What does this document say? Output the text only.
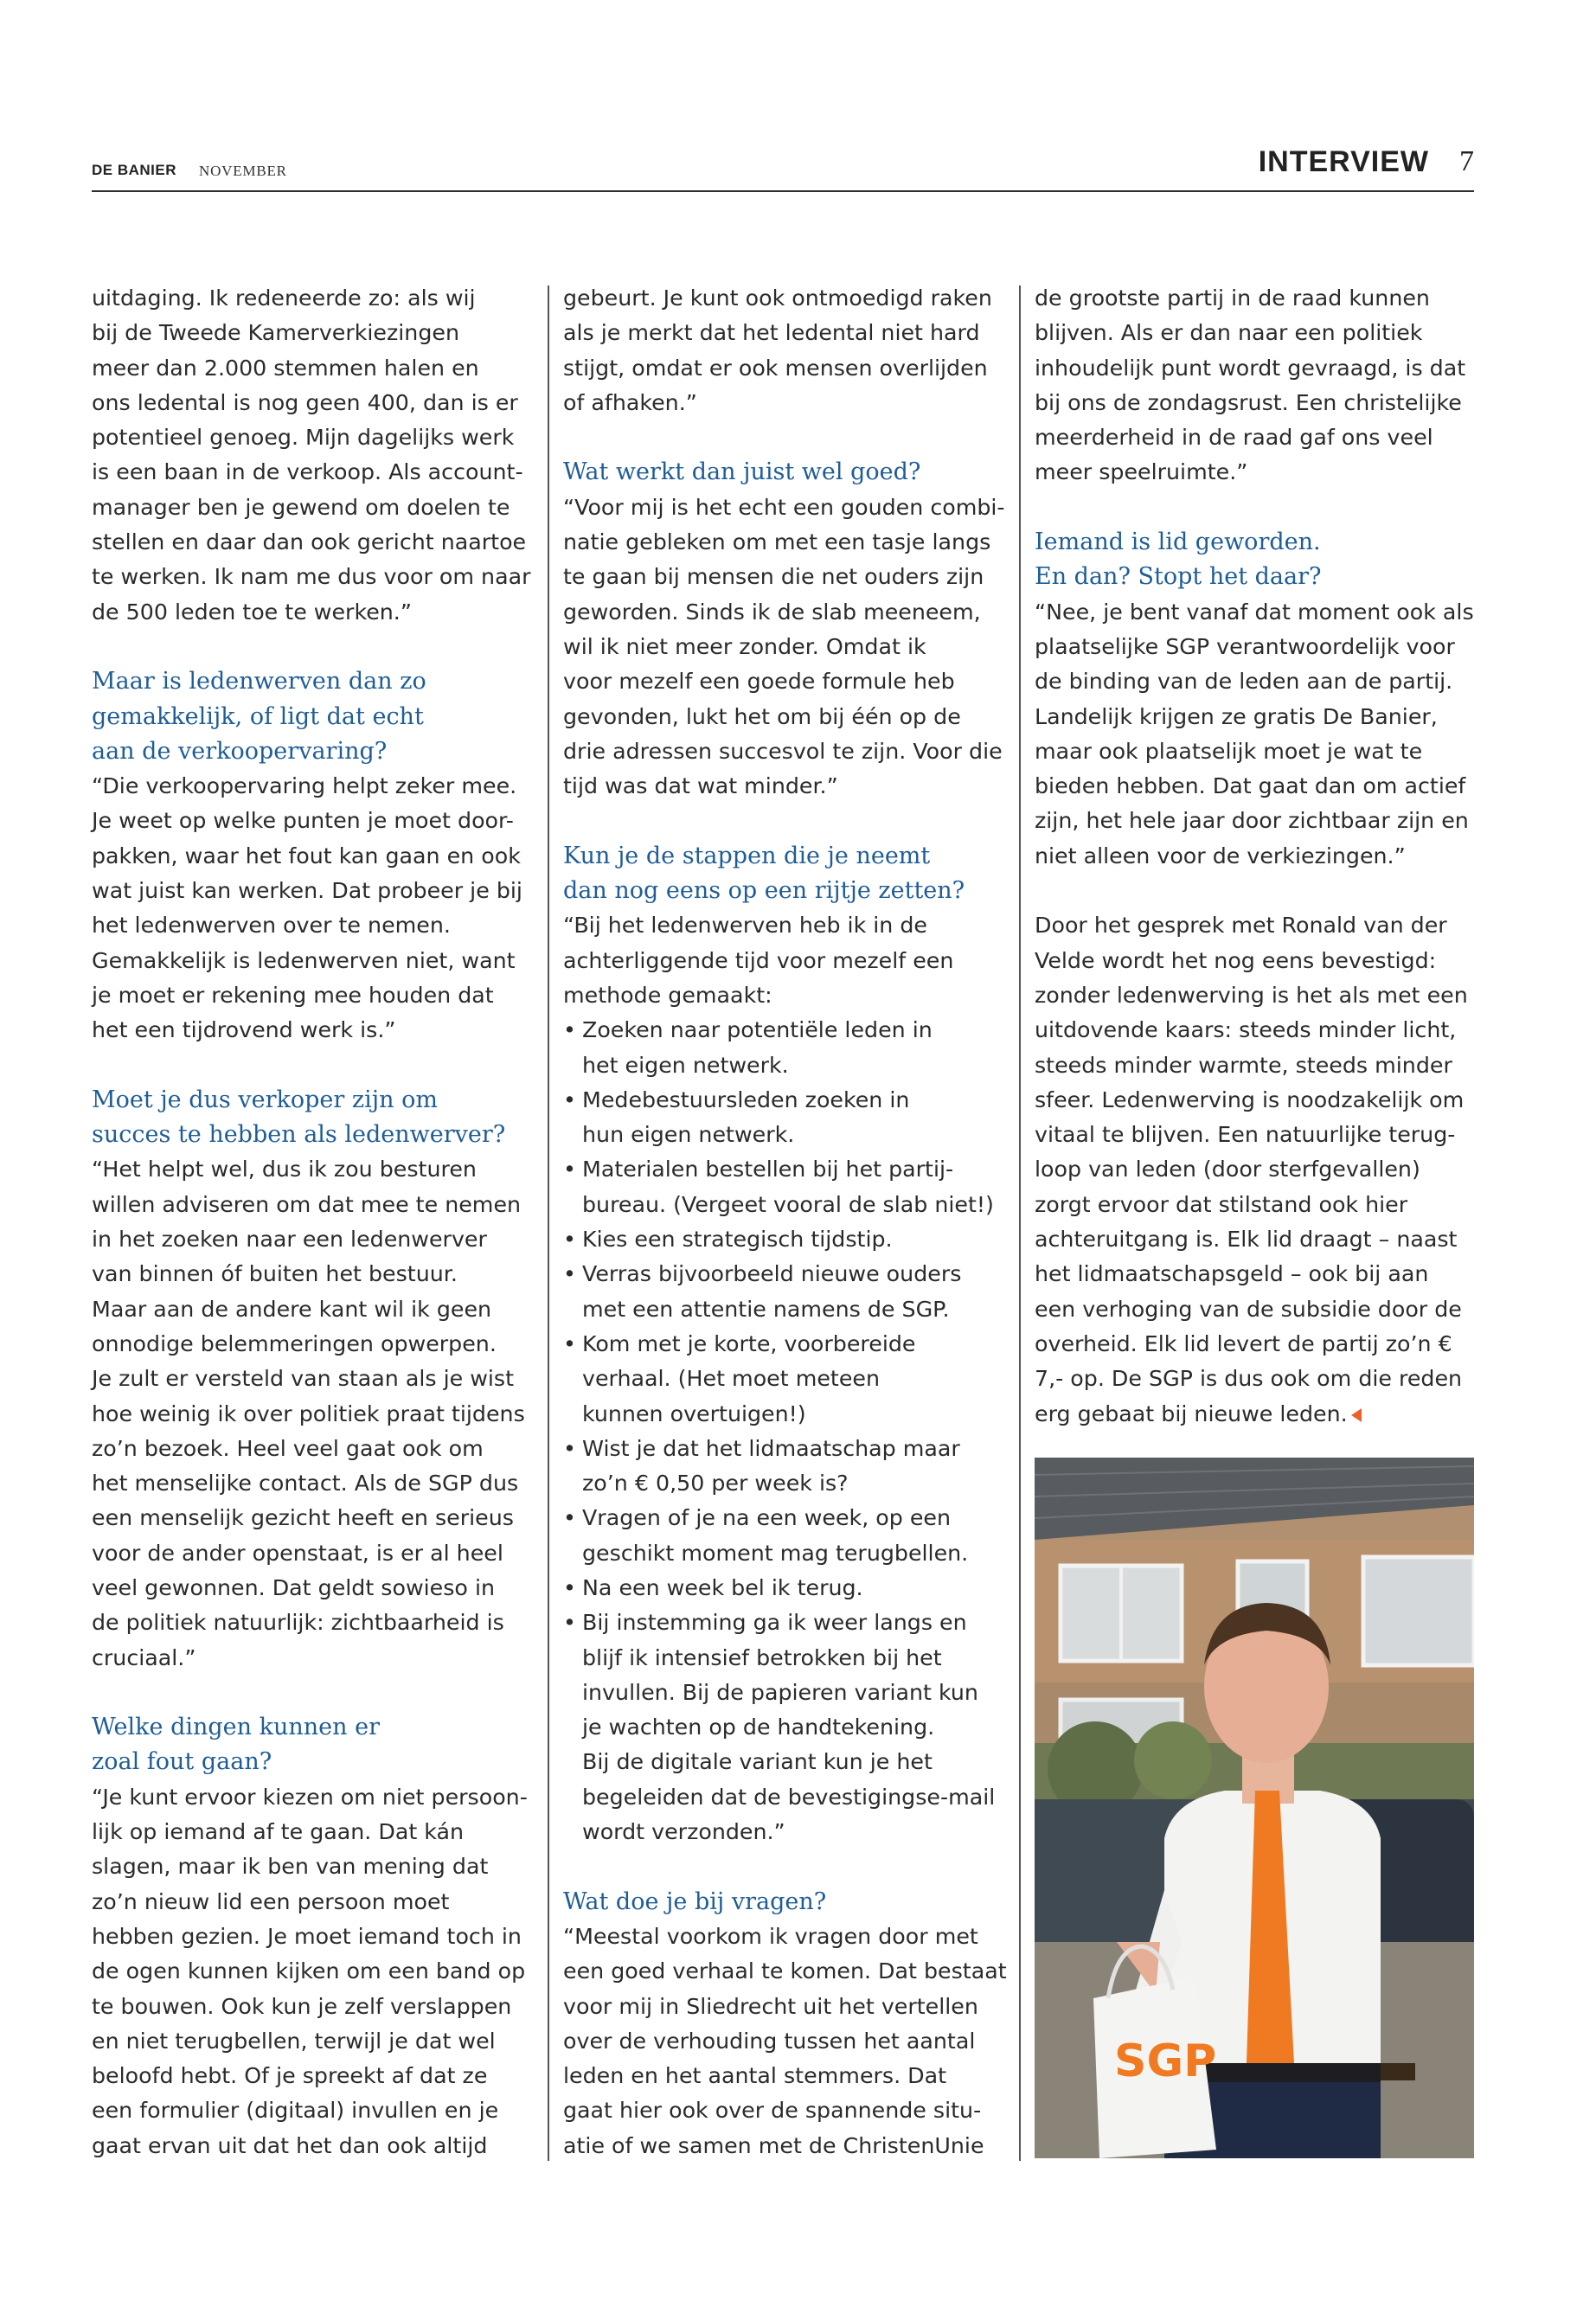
DE BANIER NOVEMBER	INTERVIEW 7

uitdaging. Ik redeneerde zo: als wij
bij de Tweede Kamerverkiezingen
meer dan 2.000 stemmen halen en
ons ledental is nog geen 400, dan is er
potentieel genoeg. Mijn dagelijks werk
is een baan in de verkoop. Als account-
manager ben je gewend om doelen te
stellen en daar dan ook gericht naartoe
te werken. Ik nam me dus voor om naar
de 500 leden toe te werken.”

Maar is ledenwerven dan zo
gemakkelijk, of ligt dat echt
aan de verkoopervaring?

“Die verkoopervaring helpt zeker mee.
Je weet op welke punten je moet door-
pakken, waar het fout kan gaan en ook
wat juist kan werken. Dat probeer je bij
het ledenwerven over te nemen.
Gemakkelijk is ledenwerven niet, want
je moet er rekening mee houden dat
het een tijdrovend werk is.”

Moet je dus verkoper zijn om
succes te hebben als ledenwerver?

“Het helpt wel, dus ik zou besturen
willen adviseren om dat mee te nemen
in het zoeken naar een ledenwerver
van binnen óf buiten het bestuur.
Maar aan de andere kant wil ik geen
onnodige belemmeringen opwerpen.
Je zult er versteld van staan als je wist
hoe weinig ik over politiek praat tijdens
zo’n bezoek. Heel veel gaat ook om
het menselijke contact. Als de SGP dus
een menselijk gezicht heeft en serieus
voor de ander openstaat, is er al heel
veel gewonnen. Dat geldt sowieso in
de politiek natuurlijk: zichtbaarheid is
cruciaal.”

Welke dingen kunnen er
zoal fout gaan?

“Je kunt ervoor kiezen om niet persoon-
lijk op iemand af te gaan. Dat kán
slagen, maar ik ben van mening dat
zo’n nieuw lid een persoon moet
hebben gezien. Je moet iemand toch in
de ogen kunnen kijken om een band op
te bouwen. Ook kun je zelf verslappen
en niet terugbellen, terwijl je dat wel
beloofd hebt. Of je spreekt af dat ze
een formulier (digitaal) invullen en je
gaat ervan uit dat het dan ook altijd

gebeurt. Je kunt ook ontmoedigd raken
als je merkt dat het ledental niet hard
stijgt, omdat er ook mensen overlijden
of afhaken.”

Wat werkt dan juist wel goed?

“Voor mij is het echt een gouden combi-
natie gebleken om met een tasje langs
te gaan bij mensen die net ouders zijn
geworden. Sinds ik de slab meeneem,
wil ik niet meer zonder. Omdat ik
voor mezelf een goede formule heb
gevonden, lukt het om bij één op de
drie adressen succesvol te zijn. Voor die
tijd was dat wat minder.”

Kun je de stappen die je neemt
dan nog eens op een rijtje zetten?

“Bij het ledenwerven heb ik in de
achterliggende tijd voor mezelf een
methode gemaakt:

• Zoeken naar potentiële leden in
het eigen netwerk.
• Medebestuursleden zoeken in
hun eigen netwerk.
• Materialen bestellen bij het partij-
bureau. (Vergeet vooral de slab niet!)
• Kies een strategisch tijdstip.
• Verras bijvoorbeeld nieuwe ouders
met een attentie namens de SGP.
• Kom met je korte, voorbereide
verhaal. (Het moet meteen
kunnen overtuigen!)
• Wist je dat het lidmaatschap maar
zo’n € 0,50 per week is?
• Vragen of je na een week, op een
geschikt moment mag terugbellen.
• Na een week bel ik terug.
• Bij instemming ga ik weer langs en
blijf ik intensief betrokken bij het
invullen. Bij de papieren variant kun
je wachten op de handtekening.
Bij de digitale variant kun je het
begeleiden dat de bevestigingse-mail
wordt verzonden.”

Wat doe je bij vragen?

“Meestal voorkom ik vragen door met
een goed verhaal te komen. Dat bestaat
voor mij in Sliedrecht uit het vertellen
over de verhouding tussen het aantal
leden en het aantal stemmers. Dat
gaat hier ook over de spannende situ-
atie of we samen met de ChristenUnie

de grootste partij in de raad kunnen
blijven. Als er dan naar een politiek
inhoudelijk punt wordt gevraagd, is dat
bij ons de zondagsrust. Een christelijke
meerderheid in de raad gaf ons veel
meer speelruimte.”

Iemand is lid geworden.
En dan? Stopt het daar?

“Nee, je bent vanaf dat moment ook als
plaatselijke SGP verantwoordelijk voor
de binding van de leden aan de partij.
Landelijk krijgen ze gratis De Banier,
maar ook plaatselijk moet je wat te
bieden hebben. Dat gaat dan om actief
zijn, het hele jaar door zichtbaar zijn en
niet alleen voor de verkiezingen.”

Door het gesprek met Ronald van der
Velde wordt het nog eens bevestigd:
zonder ledenwerving is het als met een
uitdovende kaars: steeds minder licht,
steeds minder warmte, steeds minder
sfeer. Ledenwerving is noodzakelijk om
vitaal te blijven. Een natuurlijke terug-
loop van leden (door sterfgevallen)
zorgt ervoor dat stilstand ook hier
achteruitgang is. Elk lid draagt – naast
het lidmaatschapsgeld – ook bij aan
een verhoging van de subsidie door de
overheid. Elk lid levert de partij zo’n €
7,- op. De SGP is dus ook om die reden
erg gebaat bij nieuwe leden.

SGP
